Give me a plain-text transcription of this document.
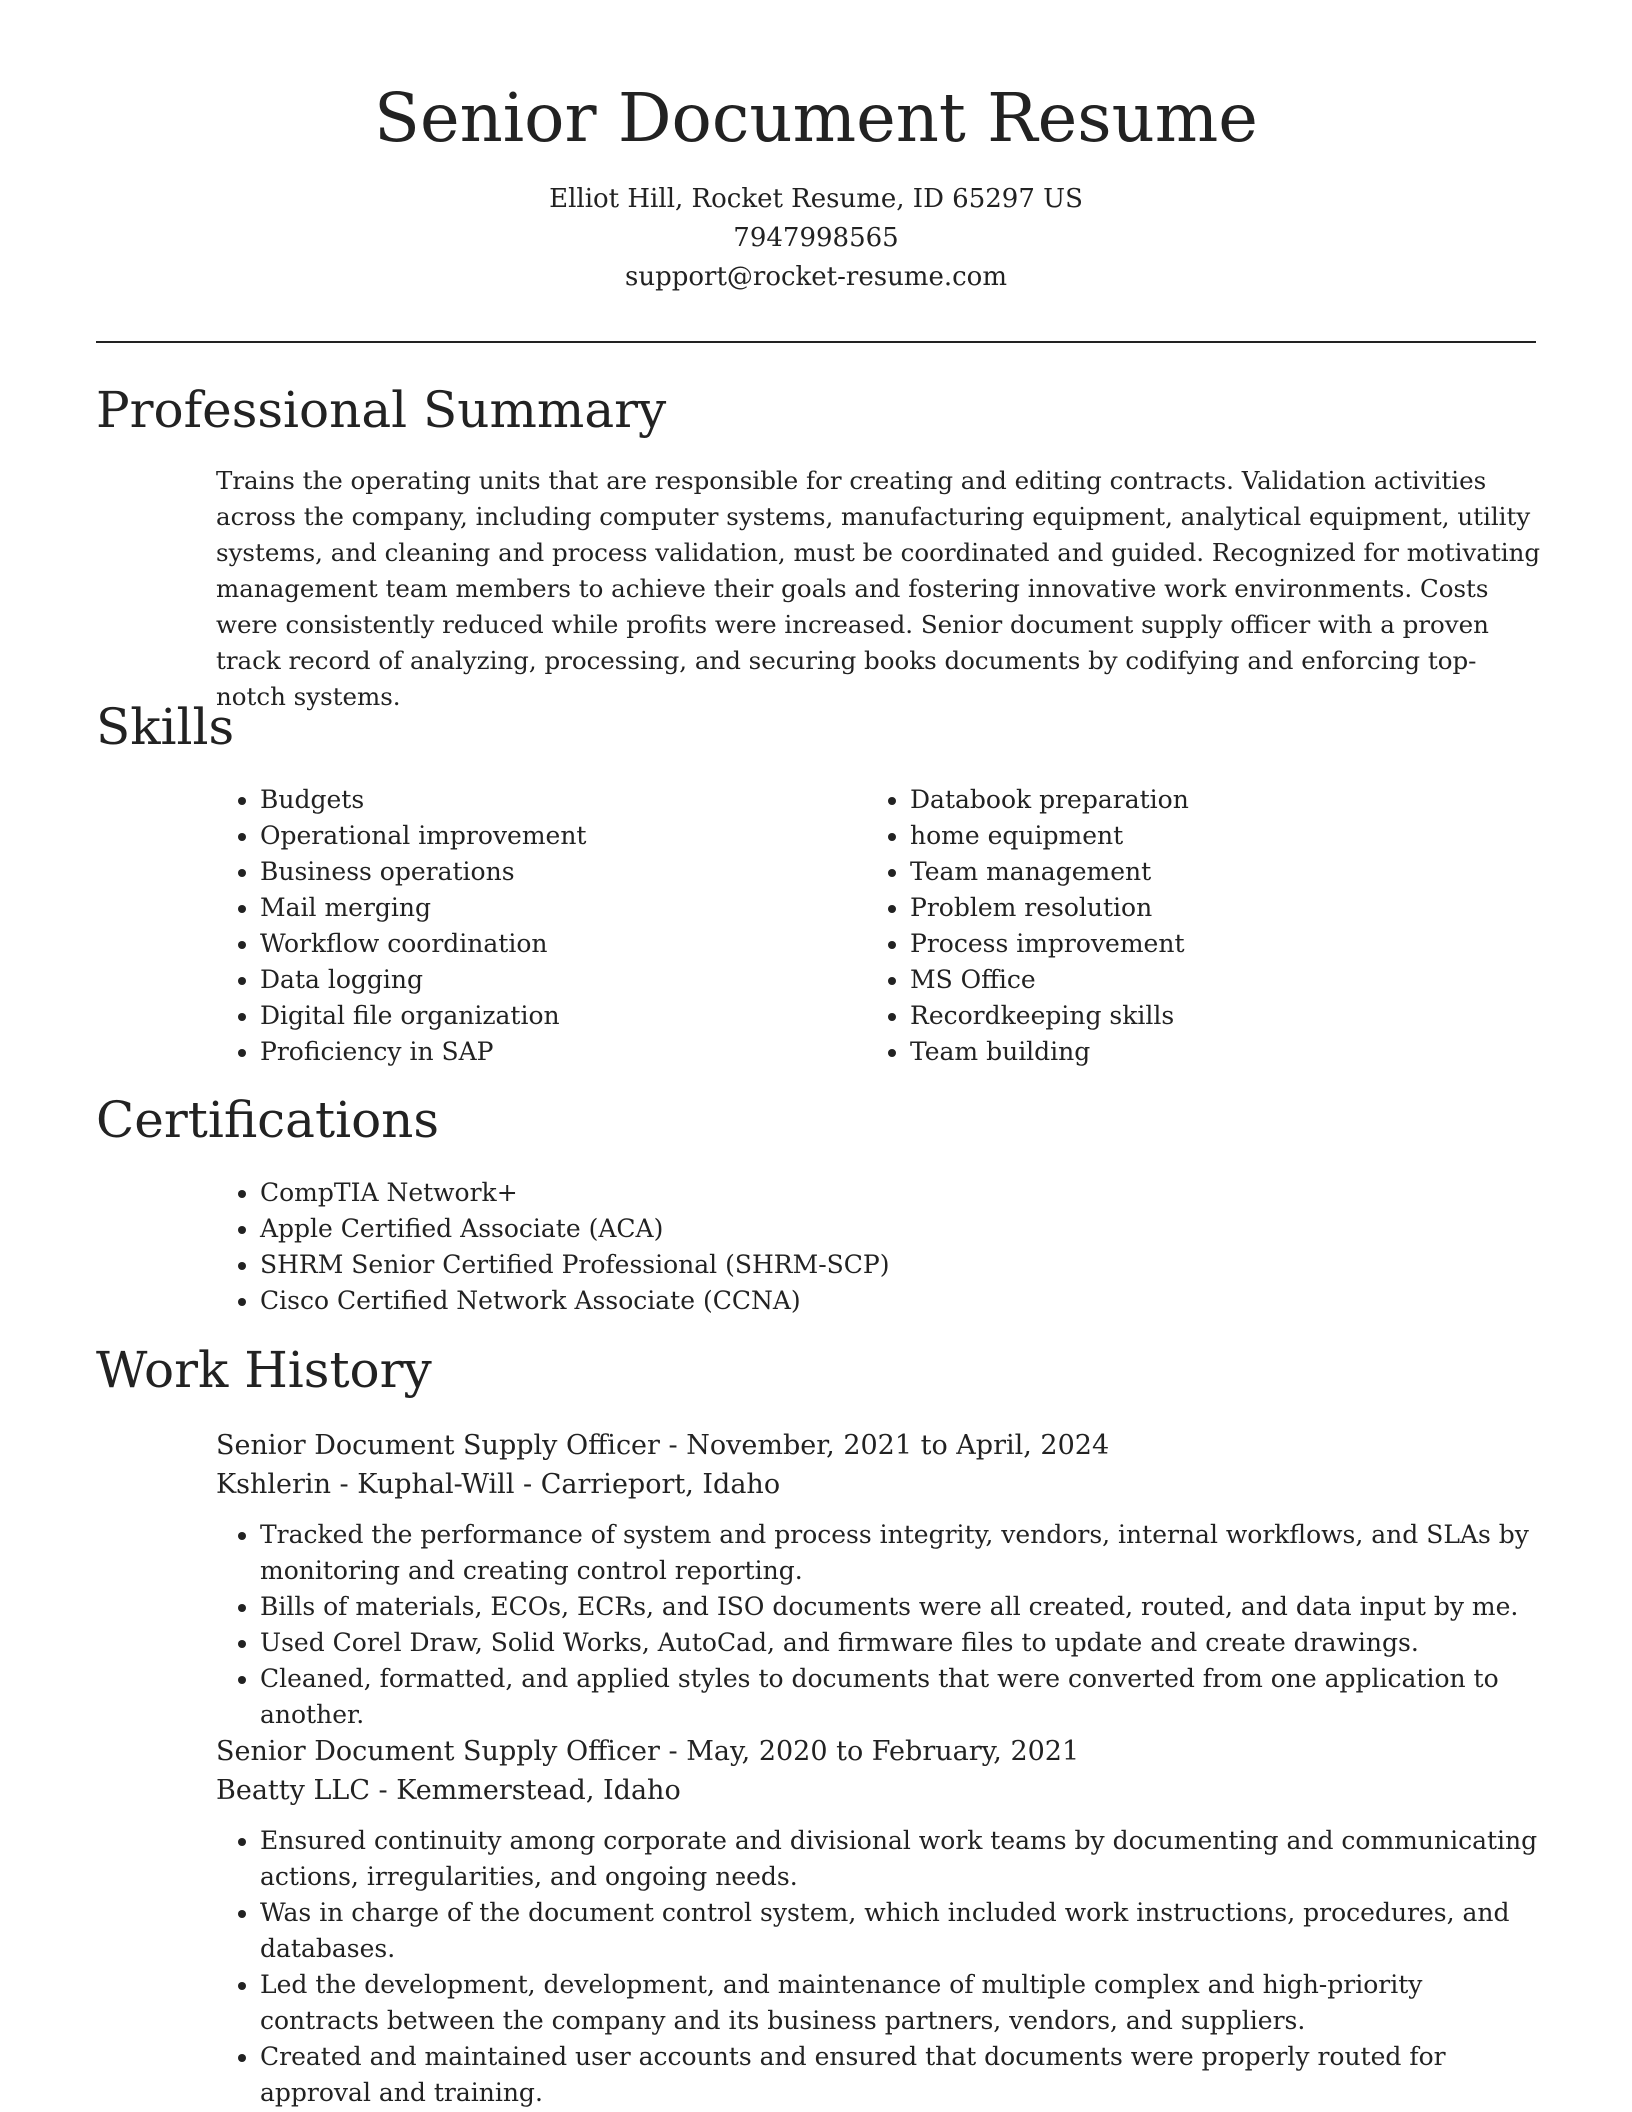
Senior Document Resume
Elliot Hill, Rocket Resume, ID 65297 US
7947998565
support@rocket-resume.com
Professional Summary

Trains the operating units that are responsible for creating and editing contracts. Validation activities across the company, including computer systems, manufacturing equipment, analytical equipment, utility systems, and cleaning and process validation, must be coordinated and guided. Recognized for motivating management team members to achieve their goals and fostering innovative work environments. Costs were consistently reduced while profits were increased. Senior document supply officer with a proven track record of analyzing, processing, and securing books documents by codifying and enforcing top-notch systems.

Skills
• Budgets
• Operational improvement
• Business operations
• Mail merging
• Workflow coordination
• Data logging
• Digital file organization
• Proficiency in SAP
• Databook preparation
• home equipment
• Team management
• Problem resolution
• Process improvement
• MS Office
• Recordkeeping skills
• Team building
Certifications
• CompTIA Network+
• Apple Certified Associate (ACA)
• SHRM Senior Certified Professional (SHRM-SCP)
• Cisco Certified Network Associate (CCNA)
Work History
Senior Document Supply Officer - November, 2021 to April, 2024
Kshlerin - Kuphal-Will - Carrieport, Idaho
• Tracked the performance of system and process integrity, vendors, internal workflows, and SLAs by monitoring and creating control reporting.
• Bills of materials, ECOs, ECRs, and ISO documents were all created, routed, and data input by me.
• Used Corel Draw, Solid Works, AutoCad, and firmware files to update and create drawings.
• Cleaned, formatted, and applied styles to documents that were converted from one application to another.
Senior Document Supply Officer - May, 2020 to February, 2021
Beatty LLC - Kemmerstead, Idaho
• Ensured continuity among corporate and divisional work teams by documenting and communicating actions, irregularities, and ongoing needs.
• Was in charge of the document control system, which included work instructions, procedures, and databases.
• Led the development, development, and maintenance of multiple complex and high-priority contracts between the company and its business partners, vendors, and suppliers.
• Created and maintained user accounts and ensured that documents were properly routed for approval and training.
